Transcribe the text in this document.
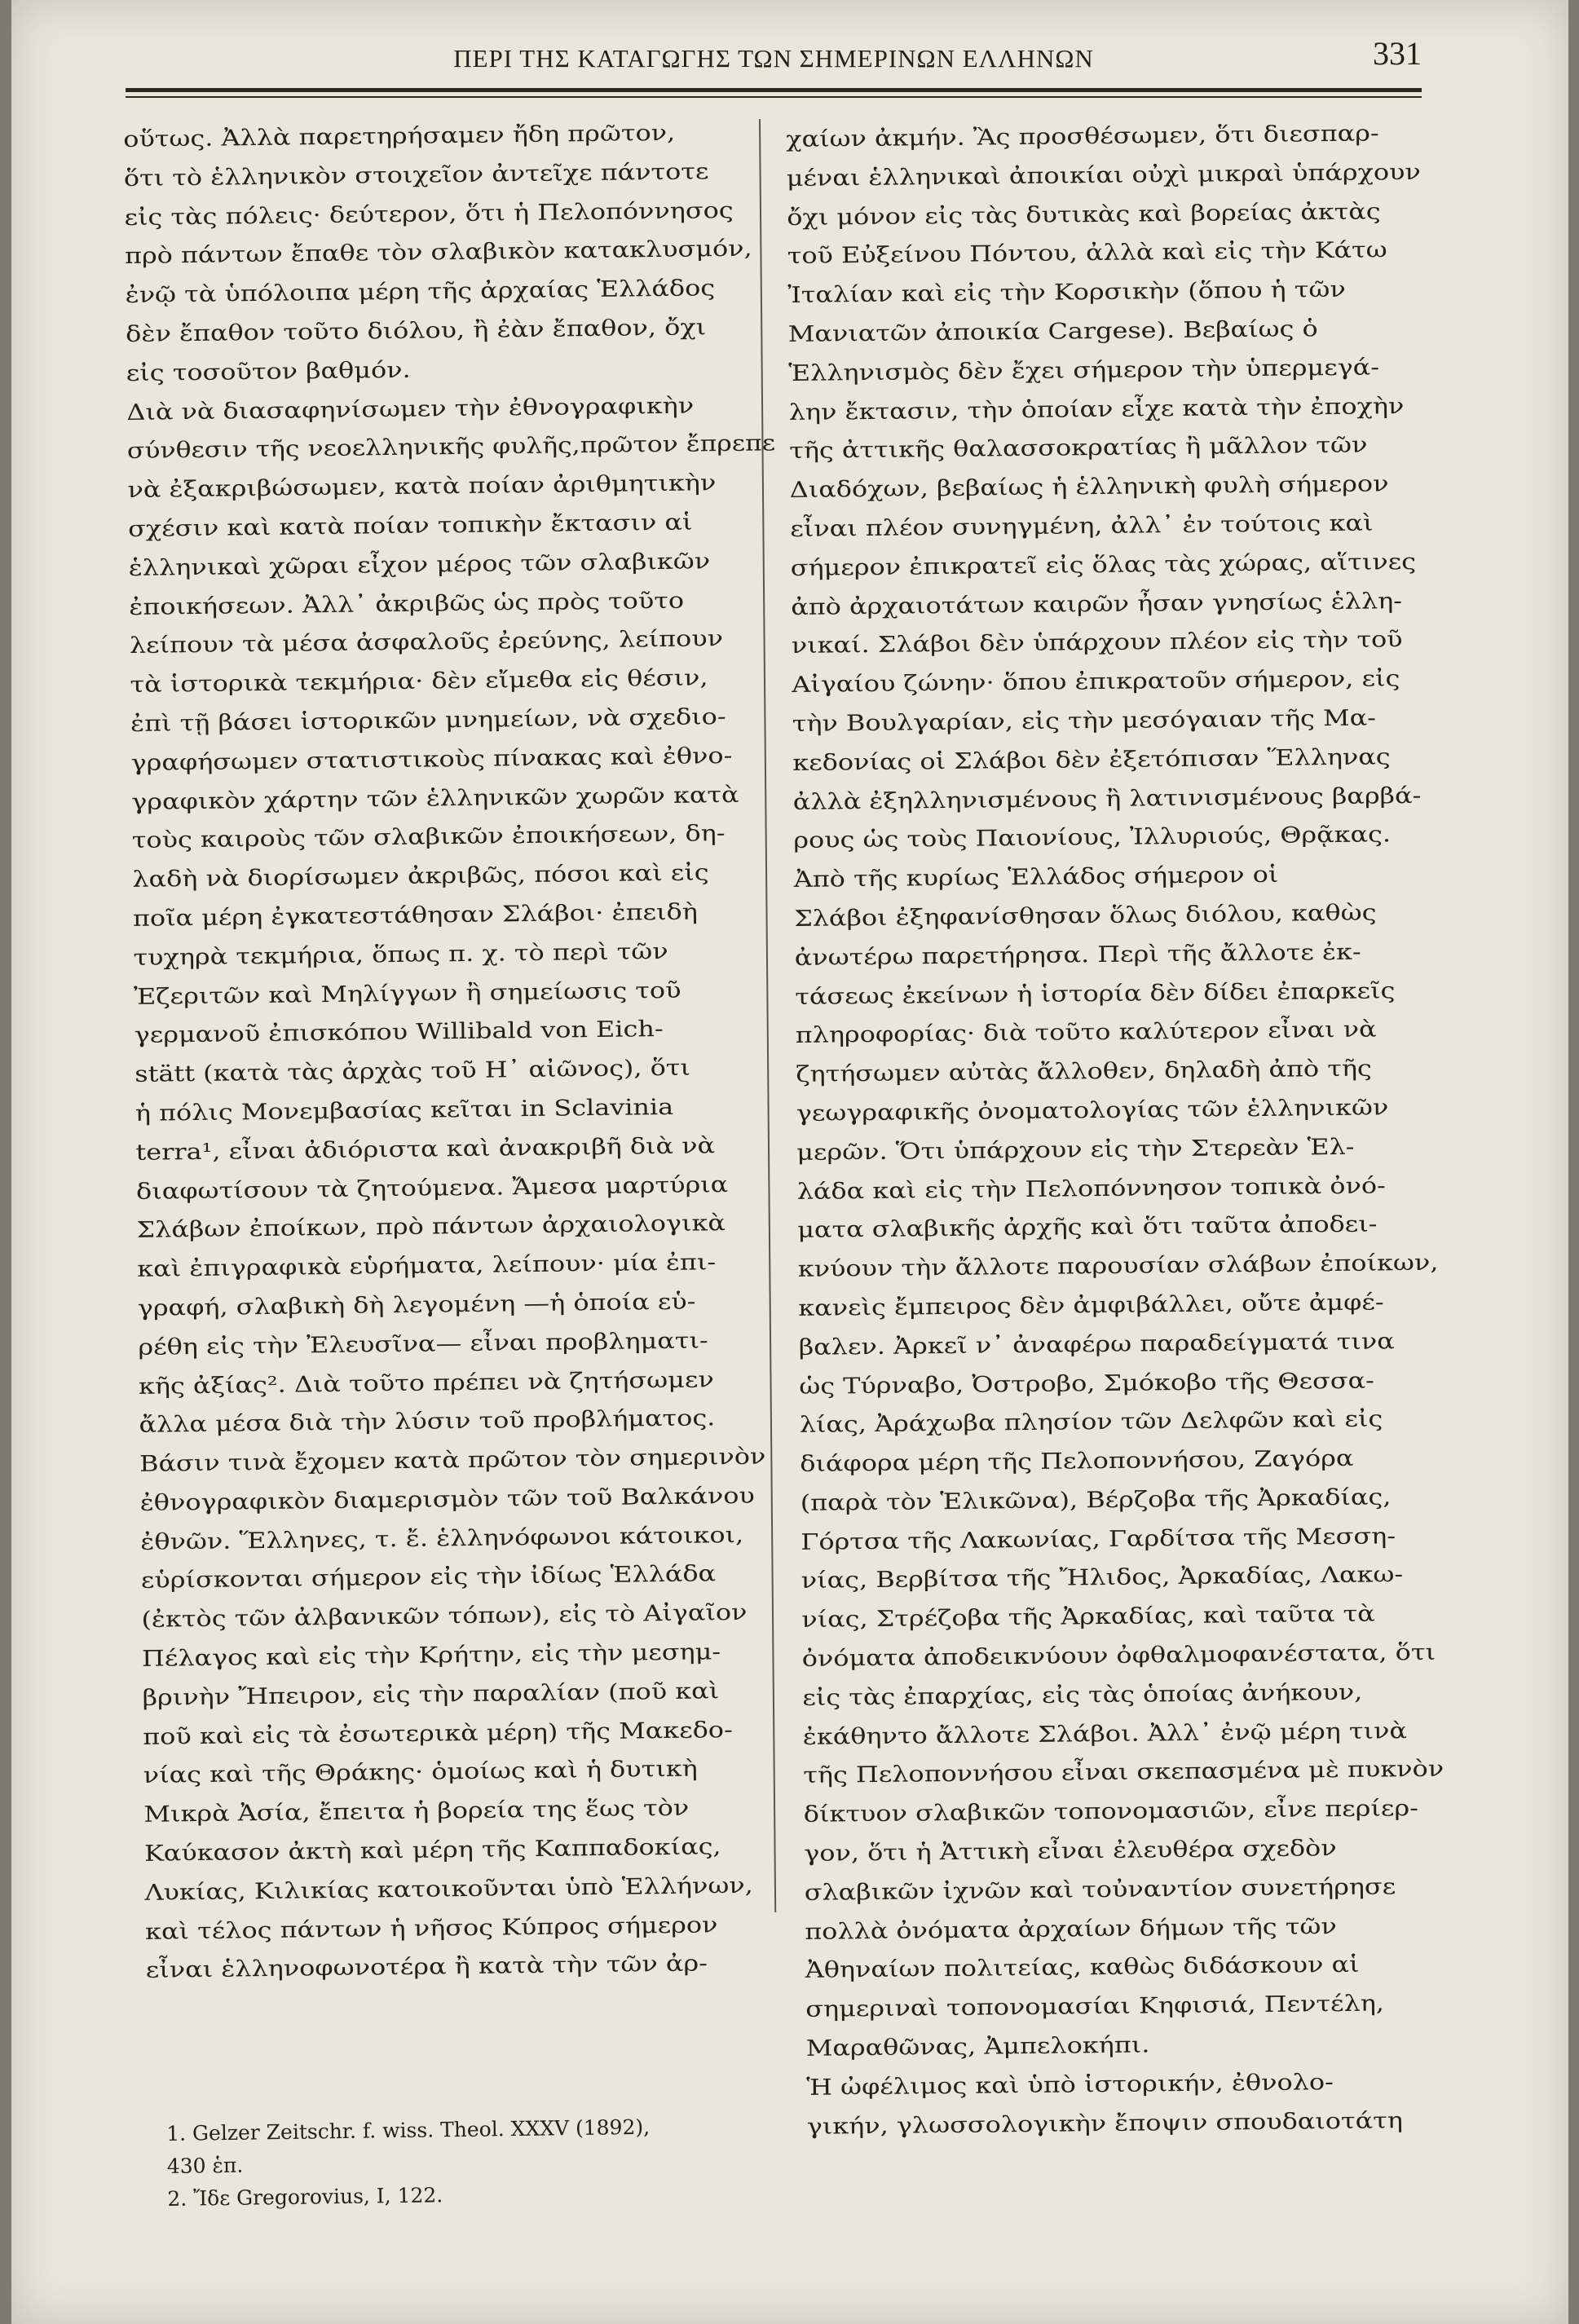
ΠΕΡΙ ΤΗΣ ΚΑΤΑΓΩΓΗΣ ΤΩΝ ΣΗΜΕΡΙΝΩΝ ΕΛΛΗΝΩΝ	331
οὕτως. Ἀλλὰ παρετηρήσαμεν ἤδη πρῶτον,
ὅτι τὸ ἑλληνικὸν στοιχεῖον ἀντεῖχε πάντοτε
εἰς τὰς πόλεις· δεύτερον, ὅτι ἡ Πελοπόννησος
πρὸ πάντων ἔπαθε τὸν σλαβικὸν κατακλυσμόν,
ἐνῷ τὰ ὑπόλοιπα μέρη τῆς ἀρχαίας Ἑλλάδος
δὲν ἔπαθον τοῦτο διόλου, ἢ ἐὰν ἔπαθον, ὄχι
εἰς τοσοῦτον βαθμόν.
Διὰ νὰ διασαφηνίσωμεν τὴν ἐθνογραφικὴν
σύνθεσιν τῆς νεοελληνικῆς φυλῆς,πρῶτον ἔπρεπε
νὰ ἐξακριβώσωμεν, κατὰ ποίαν ἀριθμητικὴν
σχέσιν καὶ κατὰ ποίαν τοπικὴν ἔκτασιν αἱ
ἑλληνικαὶ χῶραι εἶχον μέρος τῶν σλαβικῶν
ἐποικήσεων. Ἀλλ᾽ ἀκριβῶς ὡς πρὸς τοῦτο
λείπουν τὰ μέσα ἀσφαλοῦς ἐρεύνης, λείπουν
τὰ ἱστορικὰ τεκμήρια· δὲν εἴμεθα εἰς θέσιν,
ἐπὶ τῇ βάσει ἱστορικῶν μνημείων, νὰ σχεδιο-
γραφήσωμεν στατιστικοὺς πίνακας καὶ ἐθνο-
γραφικὸν χάρτην τῶν ἑλληνικῶν χωρῶν κατὰ
τοὺς καιροὺς τῶν σλαβικῶν ἐποικήσεων, δη-
λαδὴ νὰ διορίσωμεν ἀκριβῶς, πόσοι καὶ εἰς
ποῖα μέρη ἐγκατεστάθησαν Σλάβοι· ἐπειδὴ
τυχηρὰ τεκμήρια, ὅπως π. χ. τὸ περὶ τῶν
Ἐζεριτῶν καὶ Μηλίγγων ἢ σημείωσις τοῦ
γερμανοῦ ἐπισκόπου Willibald von Eich-
stätt (κατὰ τὰς ἀρχὰς τοῦ Η᾽ αἰῶνος), ὅτι
ἡ πόλις Μονεμβασίας κεῖται in Sclavinia
terra¹, εἶναι ἀδιόριστα καὶ ἀνακριβῆ διὰ νὰ
διαφωτίσουν τὰ ζητούμενα. Ἄμεσα μαρτύρια
Σλάβων ἐποίκων, πρὸ πάντων ἀρχαιολογικὰ
καὶ ἐπιγραφικὰ εὑρήματα, λείπουν· μία ἐπι-
γραφή, σλαβικὴ δὴ λεγομένη —ἡ ὁποία εὑ-
ρέθη εἰς τὴν Ἐλευσῖνα— εἶναι προβληματι-
κῆς ἀξίας². Διὰ τοῦτο πρέπει νὰ ζητήσωμεν
ἄλλα μέσα διὰ τὴν λύσιν τοῦ προβλήματος.
Βάσιν τινὰ ἔχομεν κατὰ πρῶτον τὸν σημερινὸν
ἐθνογραφικὸν διαμερισμὸν τῶν τοῦ Βαλκάνου
ἐθνῶν. Ἕλληνες, τ. ἔ. ἑλληνόφωνοι κάτοικοι,
εὑρίσκονται σήμερον εἰς τὴν ἰδίως Ἑλλάδα
(ἐκτὸς τῶν ἀλβανικῶν τόπων), εἰς τὸ Αἰγαῖον
Πέλαγος καὶ εἰς τὴν Κρήτην, εἰς τὴν μεσημ-
βρινὴν Ἤπειρον, εἰς τὴν παραλίαν (ποῦ καὶ
ποῦ καὶ εἰς τὰ ἐσωτερικὰ μέρη) τῆς Μακεδο-
νίας καὶ τῆς Θράκης· ὁμοίως καὶ ἡ δυτικὴ
Μικρὰ Ἀσία, ἔπειτα ἡ βορεία της ἕως τὸν
Καύκασον ἀκτὴ καὶ μέρη τῆς Καππαδοκίας,
Λυκίας, Κιλικίας κατοικοῦνται ὑπὸ Ἑλλήνων,
καὶ τέλος πάντων ἡ νῆσος Κύπρος σήμερον
εἶναι ἑλληνοφωνοτέρα ἢ κατὰ τὴν τῶν ἀρ-
χαίων ἀκμήν. Ἂς προσθέσωμεν, ὅτι διεσπαρ-
μέναι ἑλληνικαὶ ἀποικίαι οὐχὶ μικραὶ ὑπάρχουν
ὄχι μόνον εἰς τὰς δυτικὰς καὶ βορείας ἀκτὰς
τοῦ Εὐξείνου Πόντου, ἀλλὰ καὶ εἰς τὴν Κάτω
Ἰταλίαν καὶ εἰς τὴν Κορσικὴν (ὅπου ἡ τῶν
Μανιατῶν ἀποικία Cargese). Βεβαίως ὁ
Ἑλληνισμὸς δὲν ἔχει σήμερον τὴν ὑπερμεγά-
λην ἔκτασιν, τὴν ὁποίαν εἶχε κατὰ τὴν ἐποχὴν
τῆς ἀττικῆς θαλασσοκρατίας ἢ μᾶλλον τῶν
Διαδόχων, βεβαίως ἡ ἑλληνικὴ φυλὴ σήμερον
εἶναι πλέον συνηγμένη, ἀλλ᾽ ἐν τούτοις καὶ
σήμερον ἐπικρατεῖ εἰς ὅλας τὰς χώρας, αἵτινες
ἀπὸ ἀρχαιοτάτων καιρῶν ἦσαν γνησίως ἑλλη-
νικαί. Σλάβοι δὲν ὑπάρχουν πλέον εἰς τὴν τοῦ
Αἰγαίου ζώνην· ὅπου ἐπικρατοῦν σήμερον, εἰς
τὴν Βουλγαρίαν, εἰς τὴν μεσόγαιαν τῆς Μα-
κεδονίας οἱ Σλάβοι δὲν ἐξετόπισαν Ἕλληνας
ἀλλὰ ἐξηλληνισμένους ἢ λατινισμένους βαρβά-
ρους ὡς τοὺς Παιονίους, Ἰλλυριούς, Θρᾷκας.
Ἀπὸ τῆς κυρίως Ἑλλάδος σήμερον οἱ
Σλάβοι ἐξηφανίσθησαν ὅλως διόλου, καθὼς
ἀνωτέρω παρετήρησα. Περὶ τῆς ἄλλοτε ἐκ-
τάσεως ἐκείνων ἡ ἱστορία δὲν δίδει ἐπαρκεῖς
πληροφορίας· διὰ τοῦτο καλύτερον εἶναι νὰ
ζητήσωμεν αὐτὰς ἄλλοθεν, δηλαδὴ ἀπὸ τῆς
γεωγραφικῆς ὀνοματολογίας τῶν ἑλληνικῶν
μερῶν. Ὅτι ὑπάρχουν εἰς τὴν Στερεὰν Ἑλ-
λάδα καὶ εἰς τὴν Πελοπόννησον τοπικὰ ὀνό-
ματα σλαβικῆς ἀρχῆς καὶ ὅτι ταῦτα ἀποδει-
κνύουν τὴν ἄλλοτε παρουσίαν σλάβων ἐποίκων,
κανεὶς ἔμπειρος δὲν ἀμφιβάλλει, οὔτε ἀμφέ-
βαλεν. Ἀρκεῖ ν᾽ ἀναφέρω παραδείγματά τινα
ὡς Τύρναβο, Ὀστροβο, Σμόκοβο τῆς Θεσσα-
λίας, Ἀράχωβα πλησίον τῶν Δελφῶν καὶ εἰς
διάφορα μέρη τῆς Πελοποννήσου, Ζαγόρα
(παρὰ τὸν Ἑλικῶνα), Βέρζοβα τῆς Ἀρκαδίας,
Γόρτσα τῆς Λακωνίας, Γαρδίτσα τῆς Μεσση-
νίας, Βερβίτσα τῆς Ἤλιδος, Ἀρκαδίας, Λακω-
νίας, Στρέζοβα τῆς Ἀρκαδίας, καὶ ταῦτα τὰ
ὀνόματα ἀποδεικνύουν ὀφθαλμοφανέστατα, ὅτι
εἰς τὰς ἐπαρχίας, εἰς τὰς ὁποίας ἀνήκουν,
ἐκάθηντο ἄλλοτε Σλάβοι. Ἀλλ᾽ ἐνῷ μέρη τινὰ
τῆς Πελοποννήσου εἶναι σκεπασμένα μὲ πυκνὸν
δίκτυον σλαβικῶν τοπονομασιῶν, εἶνε περίερ-
γον, ὅτι ἡ Ἀττικὴ εἶναι ἐλευθέρα σχεδὸν
σλαβικῶν ἰχνῶν καὶ τοὐναντίον συνετήρησε
πολλὰ ὀνόματα ἀρχαίων δήμων τῆς τῶν
Ἀθηναίων πολιτείας, καθὼς διδάσκουν αἱ
σημεριναὶ τοπονομασίαι Κηφισιά, Πεντέλη,
Μαραθῶνας, Ἀμπελοκήπι.
Ἡ ὠφέλιμος καὶ ὑπὸ ἱστορικήν, ἐθνολο-
γικήν, γλωσσολογικὴν ἔποψιν σπουδαιοτάτη
1. Gelzer Zeitschr. f. wiss. Theol. XXXV (1892),
430 ἑπ.
2. Ἴδε Gregorovius, I, 122.
